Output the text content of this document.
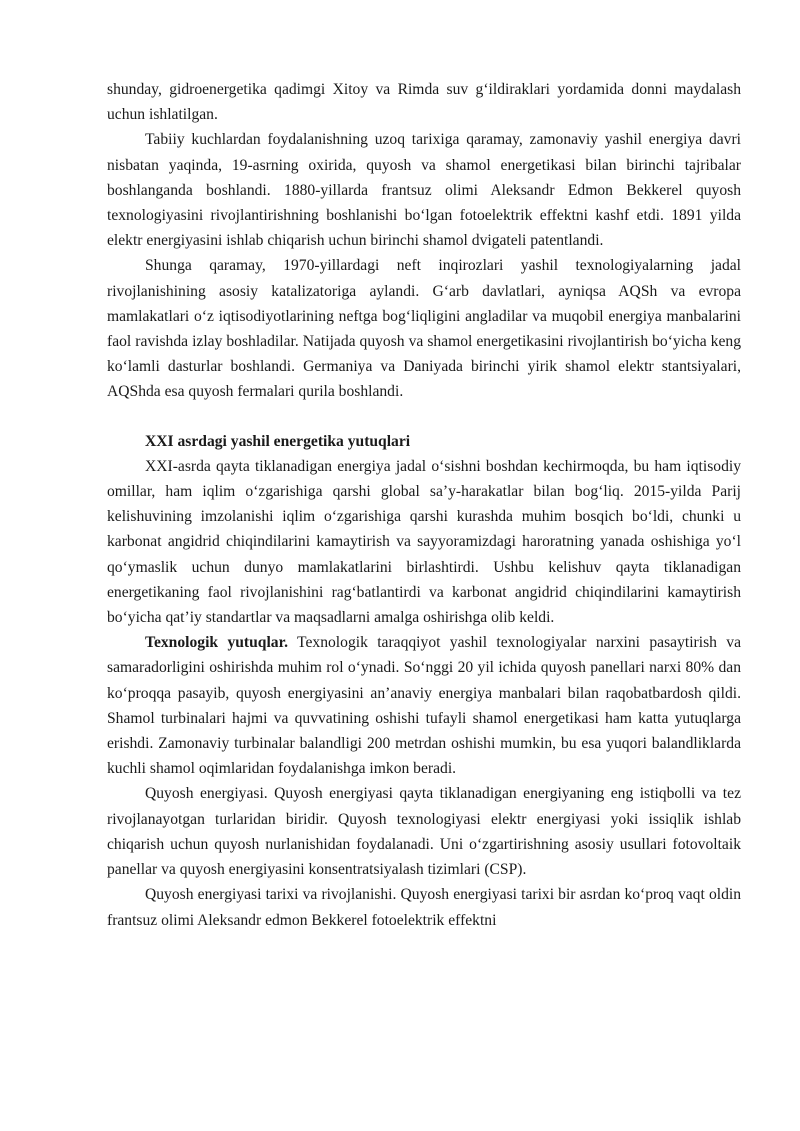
shunday, gidroenergetika qadimgi Xitoy va Rimda suv g‘ildiraklari yordamida donni maydalash uchun ishlatilgan.

Tabiiy kuchlardan foydalanishning uzoq tarixiga qaramay, zamonaviy yashil energiya davri nisbatan yaqinda, 19-asrning oxirida, quyosh va shamol energetikasi bilan birinchi tajribalar boshlanganda boshlandi. 1880-yillarda frantsuz olimi Aleksandr Edmon Bekkerel quyosh texnologiyasini rivojlantirishning boshlanishi bo‘lgan fotoelektrik effektni kashf etdi. 1891 yilda elektr energiyasini ishlab chiqarish uchun birinchi shamol dvigateli patentlandi.

Shunga qaramay, 1970-yillardagi neft inqirozlari yashil texnologiyalarning jadal rivojlanishining asosiy katalizatoriga aylandi. G‘arb davlatlari, ayniqsa AQSh va evropa mamlakatlari o‘z iqtisodiyotlarining neftga bog‘liqligini angladilar va muqobil energiya manbalarini faol ravishda izlay boshladilar. Natijada quyosh va shamol energetikasini rivojlantirish bo‘yicha keng ko‘lamli dasturlar boshlandi. Germaniya va Daniyada birinchi yirik shamol elektr stantsiyalari, AQShda esa quyosh fermalari qurila boshlandi.

XXI asrdagi yashil energetika yutuqlari

XXI-asrda qayta tiklanadigan energiya jadal o‘sishni boshdan kechirmoqda, bu ham iqtisodiy omillar, ham iqlim o‘zgarishiga qarshi global sa’y-harakatlar bilan bog‘liq. 2015-yilda Parij kelishuvining imzolanishi iqlim o‘zgarishiga qarshi kurashda muhim bosqich bo‘ldi, chunki u karbonat angidrid chiqindilarini kamaytirish va sayyoramizdagi haroratning yanada oshishiga yo‘l qo‘ymaslik uchun dunyo mamlakatlarini birlashtirdi. Ushbu kelishuv qayta tiklanadigan energetikaning faol rivojlanishini rag‘batlantirdi va karbonat angidrid chiqindilarini kamaytirish bo‘yicha qat’iy standartlar va maqsadlarni amalga oshirishga olib keldi.

Texnologik yutuqlar. Texnologik taraqqiyot yashil texnologiyalar narxini pasaytirish va samaradorligini oshirishda muhim rol o‘ynadi. So‘nggi 20 yil ichida quyosh panellari narxi 80% dan ko‘proqqa pasayib, quyosh energiyasini an’anaviy energiya manbalari bilan raqobatbardosh qildi. Shamol turbinalari hajmi va quvvatining oshishi tufayli shamol energetikasi ham katta yutuqlarga erishdi. Zamonaviy turbinalar balandligi 200 metrdan oshishi mumkin, bu esa yuqori balandliklarda kuchli shamol oqimlaridan foydalanishga imkon beradi.

Quyosh energiyasi. Quyosh energiyasi qayta tiklanadigan energiyaning eng istiqbolli va tez rivojlanayotgan turlaridan biridir. Quyosh texnologiyasi elektr energiyasi yoki issiqlik ishlab chiqarish uchun quyosh nurlanishidan foydalanadi. Uni o‘zgartirishning asosiy usullari fotovoltaik panellar va quyosh energiyasini konsentratsiyalash tizimlari (CSP).

Quyosh energiyasi tarixi va rivojlanishi. Quyosh energiyasi tarixi bir asrdan ko‘proq vaqt oldin frantsuz olimi Aleksandr edmon Bekkerel fotoelektrik effektni
